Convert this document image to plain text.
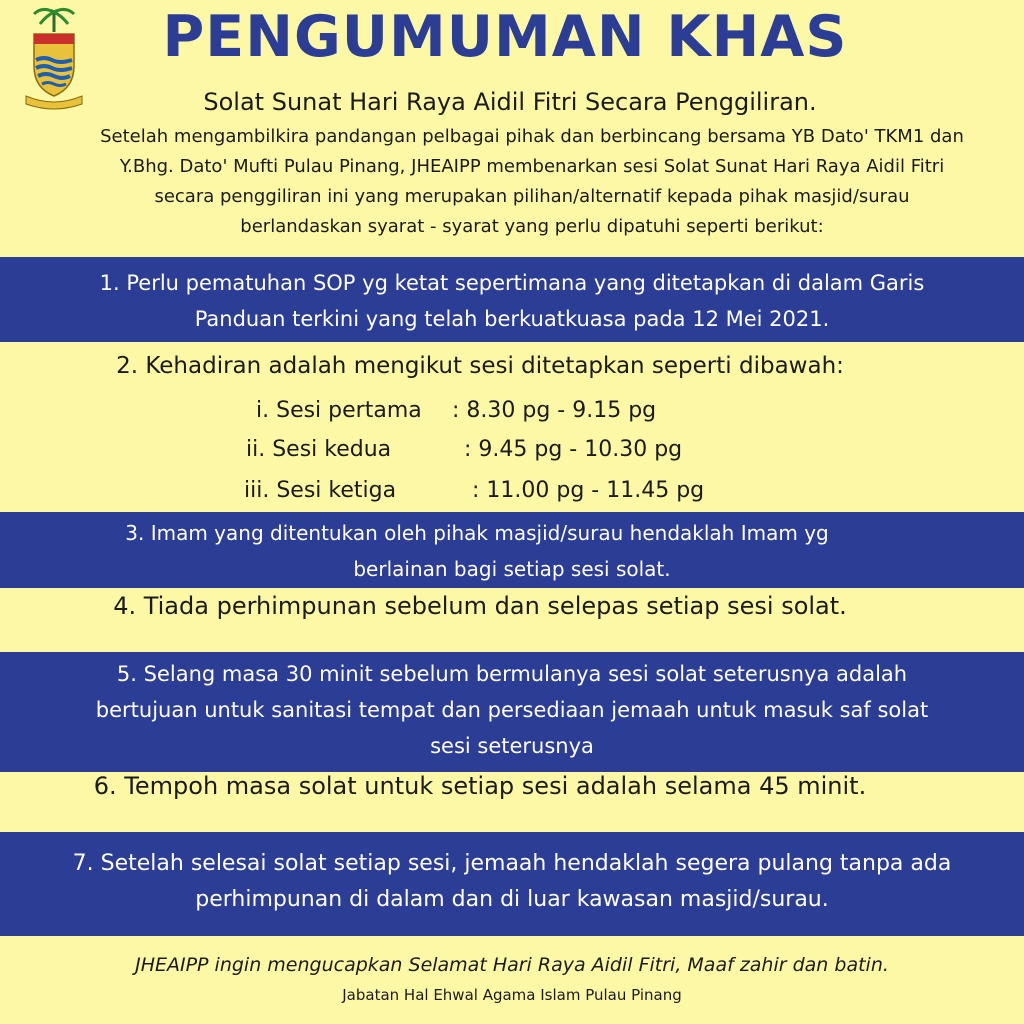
PENGUMUMAN KHAS
Solat Sunat Hari Raya Aidil Fitri Secara Penggiliran.
Setelah mengambilkira pandangan pelbagai pihak dan berbincang bersama YB Dato' TKM1 dan
Y.Bhg. Dato' Mufti Pulau Pinang, JHEAIPP membenarkan sesi Solat Sunat Hari Raya Aidil Fitri
secara penggiliran ini yang merupakan pilihan/alternatif kepada pihak masjid/surau
berlandaskan syarat - syarat yang perlu dipatuhi seperti berikut:
1. Perlu pematuhan SOP yg ketat sepertimana yang ditetapkan di dalam Garis
Panduan terkini yang telah berkuatkuasa pada 12 Mei 2021.
2. Kehadiran adalah mengikut sesi ditetapkan seperti dibawah:
i. Sesi pertama : 8.30 pg - 9.15 pg
ii. Sesi kedua	: 9.45 pg - 10.30 pg
iii. Sesi ketiga	: 11.00 pg - 11.45 pg
3. Imam yang ditentukan oleh pihak masjid/surau hendaklah Imam yg
berlainan bagi setiap sesi solat.
4. Tiada perhimpunan sebelum dan selepas setiap sesi solat.
5. Selang masa 30 minit sebelum bermulanya sesi solat seterusnya adalah
bertujuan untuk sanitasi tempat dan persediaan jemaah untuk masuk saf solat
sesi seterusnya
6. Tempoh masa solat untuk setiap sesi adalah selama 45 minit.
7. Setelah selesai solat setiap sesi, jemaah hendaklah segera pulang tanpa ada
perhimpunan di dalam dan di luar kawasan masjid/surau.
JHEAIPP ingin mengucapkan Selamat Hari Raya Aidil Fitri, Maaf zahir dan batin.
Jabatan Hal Ehwal Agama Islam Pulau Pinang
